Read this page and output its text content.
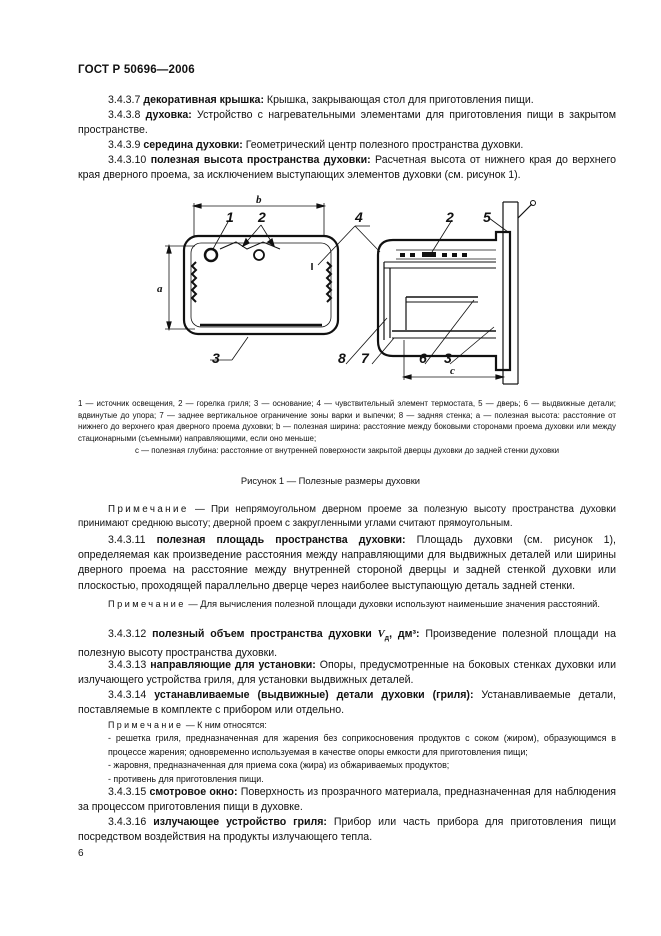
ГОСТ Р 50696—2006
3.4.3.7 декоративная крышка: Крышка, закрывающая стол для приготовления пищи.
3.4.3.8 духовка: Устройство с нагревательными элементами для приготовления пищи в закрытом пространстве.
3.4.3.9 середина духовки: Геометрический центр полезного пространства духовки.
3.4.3.10 полезная высота пространства духовки: Расчетная высота от нижнего края до верхнего края дверного проема, за исключением выступающих элементов духовки (см. рисунок 1).
1 2
3
4	2 5
8 7	6 3
b
a
c
1 — источник освещения, 2 — горелка гриля; 3 — основание; 4 — чувствительный элемент термостата, 5 — дверь; 6 — выдвижные детали; вдвинутые до упора; 7 — заднее вертикальное ограничение зоны варки и выпечки; 8 — задняя стенка; а — полезная высота: расстояние от нижнего до верхнего края дверного проема духовки; b — полезная ширина: расстояние между боковыми сторонами проема духовки или между стационарными (съемными) направляющими, если оно меньше;
с — полезная глубина: расстояние от внутренней поверхности закрытой дверцы духовки до задней стенки духовки
Рисунок 1 — Полезные размеры духовки
Примечание — При непрямоугольном дверном проеме за полезную высоту пространства духовки принимают среднюю высоту; дверной проем с закругленными углами считают прямоугольным.
3.4.3.11 полезная площадь пространства духовки: Площадь духовки (см. рисунок 1), определяемая как произведение расстояния между направляющими для выдвижных деталей или ширины дверного проема на расстояние между внутренней стороной дверцы и задней стенкой духовки или плоскостью, проходящей параллельно дверце через наиболее выступающую деталь задней стенки.
Примечание — Для вычисления полезной площади духовки используют наименьшие значения расстояний.
3.4.3.12 полезный объем пространства духовки $V_д$, дм³: Произведение полезной площади на полезную высоту пространства духовки.
3.4.3.13 направляющие для установки: Опоры, предусмотренные на боковых стенках духовки или излучающего устройства гриля, для установки выдвижных деталей.
3.4.3.14 устанавливаемые (выдвижные) детали духовки (гриля): Устанавливаемые детали, поставляемые в комплекте с прибором или отдельно.
Примечание — К ним относятся:
- решетка гриля, предназначенная для жарения без соприкосновения продуктов с соком (жиром), образующимся в процессе жарения; одновременно используемая в качестве опоры емкости для приготовления пищи;
- жаровня, предназначенная для приема сока (жира) из обжариваемых продуктов;
- противень для приготовления пищи.
3.4.3.15 смотровое окно: Поверхность из прозрачного материала, предназначенная для наблюдения за процессом приготовления пищи в духовке.
3.4.3.16 излучающее устройство гриля: Прибор или часть прибора для приготовления пищи посредством воздействия на продукты излучающего тепла.
6
